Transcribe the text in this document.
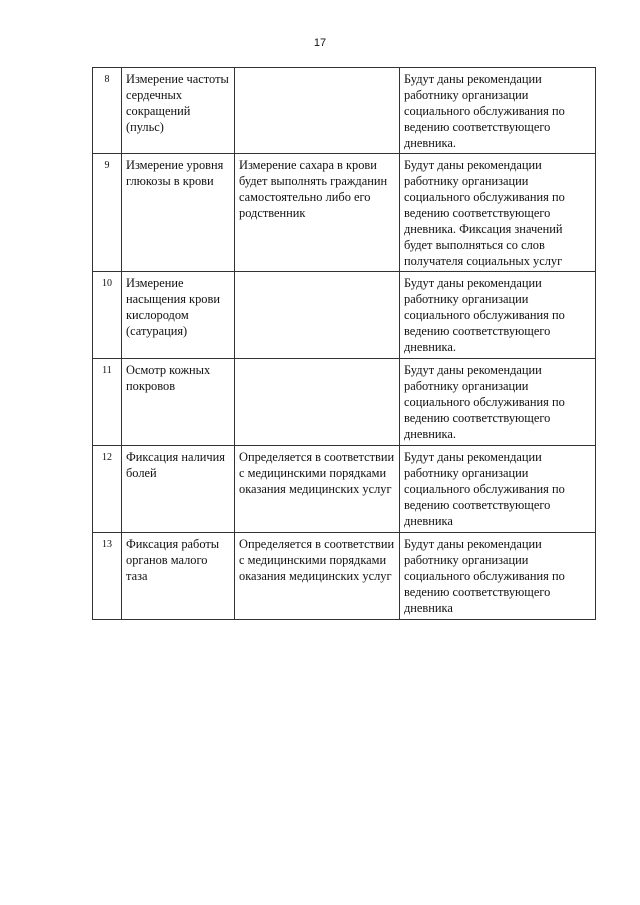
17
8	Измерение частоты сердечных сокращений (пульс)		Будут даны рекомендации работнику организации социального обслуживания по ведению соответствующего дневника.
9	Измерение уровня глюкозы в крови	Измерение сахара в крови будет выполнять гражданин самостоятельно либо его родственник	Будут даны рекомендации работнику организации социального обслуживания по ведению соответствующего дневника. Фиксация значений будет выполняться со слов получателя социальных услуг
10	Измерение насыщения крови кислородом (сатурация)		Будут даны рекомендации работнику организации социального обслуживания по ведению соответствующего дневника.
11	Осмотр кожных покровов		Будут даны рекомендации работнику организации социального обслуживания по ведению соответствующего дневника.
12	Фиксация наличия болей	Определяется в соответствии с медицинскими порядками оказания медицинских услуг	Будут даны рекомендации работнику организации социального обслуживания по ведению соответствующего дневника
13	Фиксация работы органов малого таза	Определяется в соответствии с медицинскими порядками оказания медицинских услуг	Будут даны рекомендации работнику организации социального обслуживания по ведению соответствующего дневника
